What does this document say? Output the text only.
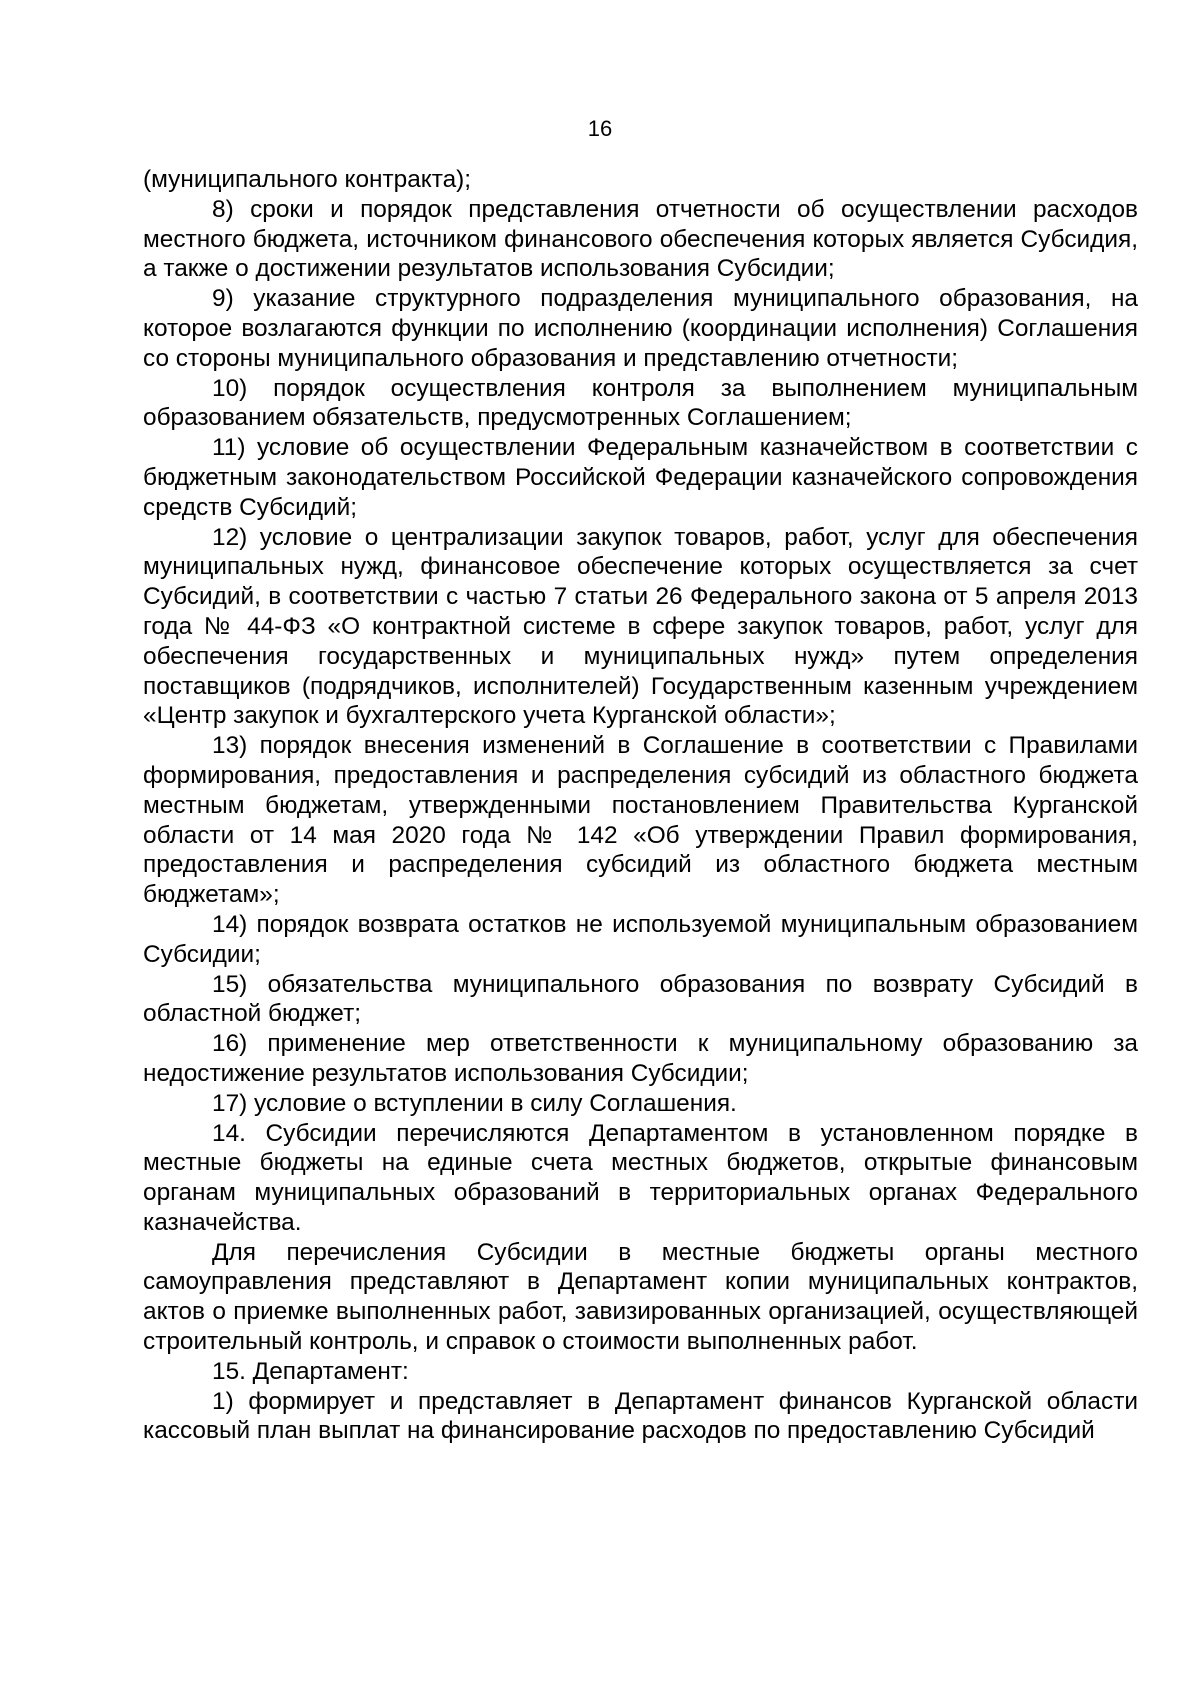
16

(муниципального контракта);

8) сроки и порядок представления отчетности об осуществлении расходов местного бюджета, источником финансового обеспечения которых является Субсидия, а также о достижении результатов использования Субсидии;

9) указание структурного подразделения муниципального образования, на которое возлагаются функции по исполнению (координации исполнения) Соглашения со стороны муниципального образования и представлению отчетности;

10) порядок осуществления контроля за выполнением муниципальным образованием обязательств, предусмотренных Соглашением;

11) условие об осуществлении Федеральным казначейством в соответствии с бюджетным законодательством Российской Федерации казначейского сопровождения средств Субсидий;

12) условие о централизации закупок товаров, работ, услуг для обеспечения муниципальных нужд, финансовое обеспечение которых осуществляется за счет Субсидий, в соответствии с частью 7 статьи 26 Федерального закона от 5 апреля 2013 года № 44-ФЗ «О контрактной системе в сфере закупок товаров, работ, услуг для обеспечения государственных и муниципальных нужд» путем определения поставщиков (подрядчиков, исполнителей) Государственным казенным учреждением «Центр закупок и бухгалтерского учета Курганской области»;

13) порядок внесения изменений в Соглашение в соответствии с Правилами формирования, предоставления и распределения субсидий из областного бюджета местным бюджетам, утвержденными постановлением Правительства Курганской области от 14 мая 2020 года № 142 «Об утверждении Правил формирования, предоставления и распределения субсидий из областного бюджета местным бюджетам»;

14) порядок возврата остатков не используемой муниципальным образованием Субсидии;

15) обязательства муниципального образования по возврату Субсидий в областной бюджет;

16) применение мер ответственности к муниципальному образованию за недостижение результатов использования Субсидии;

17) условие о вступлении в силу Соглашения.

14. Субсидии перечисляются Департаментом в установленном порядке в местные бюджеты на единые счета местных бюджетов, открытые финансовым органам муниципальных образований в территориальных органах Федерального казначейства.

Для перечисления Субсидии в местные бюджеты органы местного самоуправления представляют в Департамент копии муниципальных контрактов, актов о приемке выполненных работ, завизированных организацией, осуществляющей строительный контроль, и справок о стоимости выполненных работ.

15. Департамент:

1) формирует и представляет в Департамент финансов Курганской области кассовый план выплат на финансирование расходов по предоставлению Субсидий
